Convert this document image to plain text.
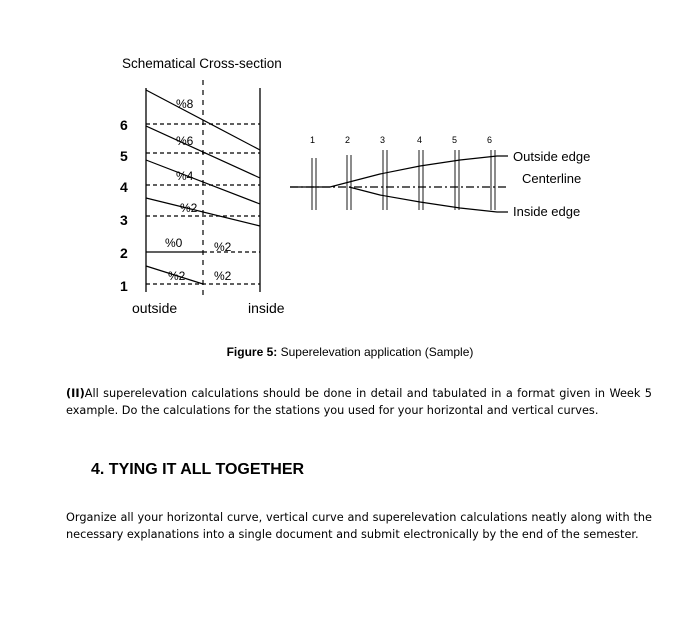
Schematical Cross-section
1
2
3
4
5
6
%8
%6
%4
%2
%0	%2
%2 %2
outside	inside
1	2	3	4	5	6
Outside edge
Centerline
Inside edge
Figure 5: Superelevation application (Sample)

(II)All superelevation calculations should be done in detail and tabulated in a format given in Week 5 example. Do the calculations for the stations you used for your horizontal and vertical curves.

4. TYING IT ALL TOGETHER

Organize all your horizontal curve, vertical curve and superelevation calculations neatly along with the necessary explanations into a single document and submit electronically by the end of the semester.
